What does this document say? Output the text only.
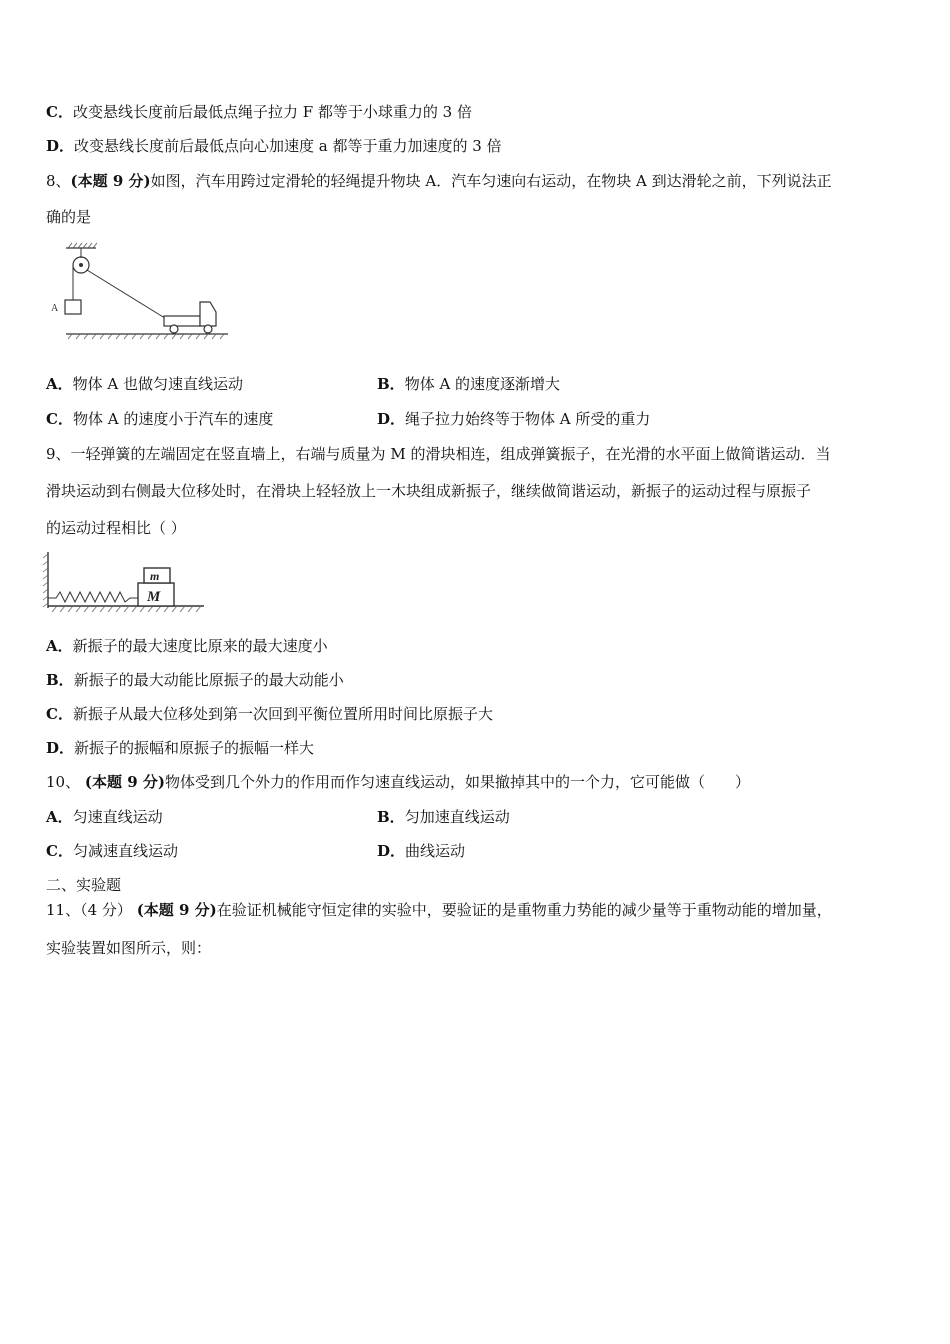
C．改变悬线长度前后最低点绳子拉力 F 都等于小球重力的 3 倍
D．改变悬线长度前后最低点向心加速度 a 都等于重力加速度的 3 倍
8、(本题 9 分)如图，汽车用跨过定滑轮的轻绳提升物块 A．汽车匀速向右运动，在物块 A 到达滑轮之前，下列说法正
确的是
A
A．物体 A 也做匀速直线运动	B．物体 A 的速度逐渐增大
C．物体 A 的速度小于汽车的速度	D．绳子拉力始终等于物体 A 所受的重力
9、一轻弹簧的左端固定在竖直墙上，右端与质量为 M 的滑块相连，组成弹簧振子，在光滑的水平面上做简谐运动．当
滑块运动到右侧最大位移处时，在滑块上轻轻放上一木块组成新振子，继续做简谐运动，新振子的运动过程与原振子
的运动过程相比（ ）
M
m
A．新振子的最大速度比原来的最大速度小
B．新振子的最大动能比原振子的最大动能小
C．新振子从最大位移处到第一次回到平衡位置所用时间比原振子大
D．新振子的振幅和原振子的振幅一样大
10、 (本题 9 分)物体受到几个外力的作用而作匀速直线运动，如果撤掉其中的一个力，它可能做（　　）
A．匀速直线运动	B．匀加速直线运动
C．匀减速直线运动	D．曲线运动
二、实验题
11、（4 分） (本题 9 分)在验证机械能守恒定律的实验中，要验证的是重物重力势能的减少量等于重物动能的增加量，
实验装置如图所示，则：
